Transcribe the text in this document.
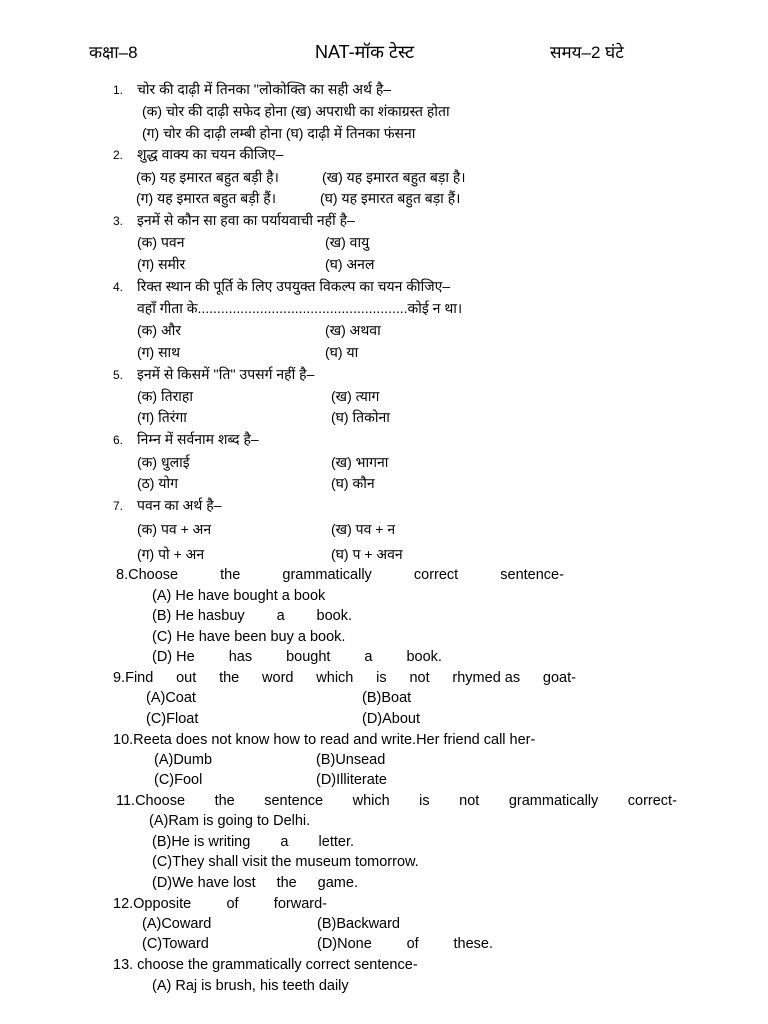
कक्षा–8	NAT-मॉक टेस्ट	समय–2 घंटे
1. चोर की दाढ़ी में तिनका ''लोकोक्ति का सही अर्थ है–
(क) चोर की दाढ़ी सफेद होना (ख) अपराधी का शंकाग्रस्त होता
(ग) चोर की दाढ़ी लम्बी होना (घ) दाढ़ी में तिनका फंसना
2. शुद्ध वाक्य का चयन कीजिए–
(क) यह इमारत बहुत बड़ी है।	(ख) यह इमारत बहुत बड़ा है।
(ग) यह इमारत बहुत बड़ी हैं।	(घ) यह इमारत बहुत बड़ा हैं।
3. इनमें से कौन सा हवा का पर्यायवाची नहीं है–
(क) पवन	(ख) वायु
(ग) समीर	(घ) अनल
4. रिक्त स्थान की पूर्ति के लिए उपयुक्त विकल्प का चयन कीजिए–
वहाँ गीता के......................................................कोई न था।
(क) और	(ख) अथवा
(ग) साथ	(घ) या
5. इनमें से किसमें ''ति'' उपसर्ग नहीं है–
(क) तिराहा	(ख) त्याग
(ग) तिरंगा	(घ) तिकोना
6. निम्न में सर्वनाम शब्द है–
(क) धुलाई	(ख) भागना
(ठ) योग	(घ) कौन
7. पवन का अर्थ है–
(क) पव + अन	(ख) पव + न
(ग) पो + अन	(घ) प + अवन
8.Choose	the	grammatically	correct	sentence-
(A) He have bought a book
(B) He hasbuy a book.
(C) He have been buy a book.
(D) He has bought a book.
9.Find out the word which is not rhymed as goat-
(A)Coat	(B)Boat
(C)Float	(D)About
10.Reeta does not know how to read and write.Her friend call her-
(A)Dumb	(B)Unsead
(C)Fool	(D)Illiterate
11.Choose the sentence which is not grammatically correct-
(A)Ram is going to Delhi.
(B)He is writing a letter.
(C)They shall visit the museum tomorrow.
(D)We have lost the game.
12.Opposite of forward-
(A)Coward	(B)Backward
(C)Toward	(D)None of these.
13. choose the grammatically correct sentence-
(A) Raj is brush, his teeth daily
